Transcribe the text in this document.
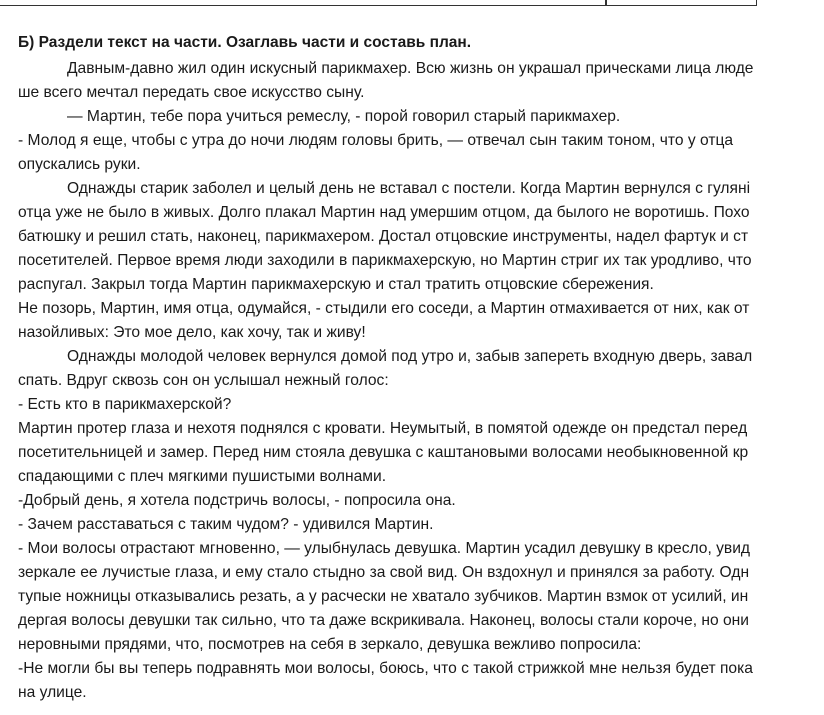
Б) Раздели текст на части. Озаглавь части и составь план.
Давным-давно жил один искусный парикмахер. Всю жизнь он украшал прическами лица люде
ше всего мечтал передать свое искусство сыну.
— Мартин, тебе пора учиться ремеслу, - порой говорил старый парикмахер.
- Молод я еще, чтобы с утра до ночи людям головы брить, — отвечал сын таким тоном, что у отца
опускались руки.
Однажды старик заболел и целый день не вставал с постели. Когда Мартин вернулся с гуляні
отца уже не было в живых. Долго плакал Мартин над умершим отцом, да былого не воротишь. Похо
батюшку и решил стать, наконец, парикмахером. Достал отцовские инструменты, надел фартук и ст
посетителей. Первое время люди заходили в парикмахерскую, но Мартин стриг их так уродливо, что
распугал. Закрыл тогда Мартин парикмахерскую и стал тратить отцовские сбережения.
Не позорь, Мартин, имя отца, одумайся, - стыдили его соседи, а Мартин отмахивается от них, как от
назойливых: Это мое дело, как хочу, так и живу!
Однажды молодой человек вернулся домой под утро и, забыв запереть входную дверь, завал
спать. Вдруг сквозь сон он услышал нежный голос:
- Есть кто в парикмахерской?
Мартин протер глаза и нехотя поднялся с кровати. Неумытый, в помятой одежде он предстал перед
посетительницей и замер. Перед ним стояла девушка с каштановыми волосами необыкновенной кр
спадающими с плеч мягкими пушистыми волнами.
-Добрый день, я хотела подстричь волосы, - попросила она.
- Зачем расставаться с таким чудом? - удивился Мартин.
- Мои волосы отрастают мгновенно, — улыбнулась девушка. Мартин усадил девушку в кресло, увид
зеркале ее лучистые глаза, и ему стало стыдно за свой вид. Он вздохнул и принялся за работу. Одн
тупые ножницы отказывались резать, а у расчески не хватало зубчиков. Мартин взмок от усилий, ин
дергая волосы девушки так сильно, что та даже вскрикивала. Наконец, волосы стали короче, но они
неровными прядями, что, посмотрев на себя в зеркало, девушка вежливо попросила:
-Не могли бы вы теперь подравнять мои волосы, боюсь, что с такой стрижкой мне нельзя будет пока
на улице.
